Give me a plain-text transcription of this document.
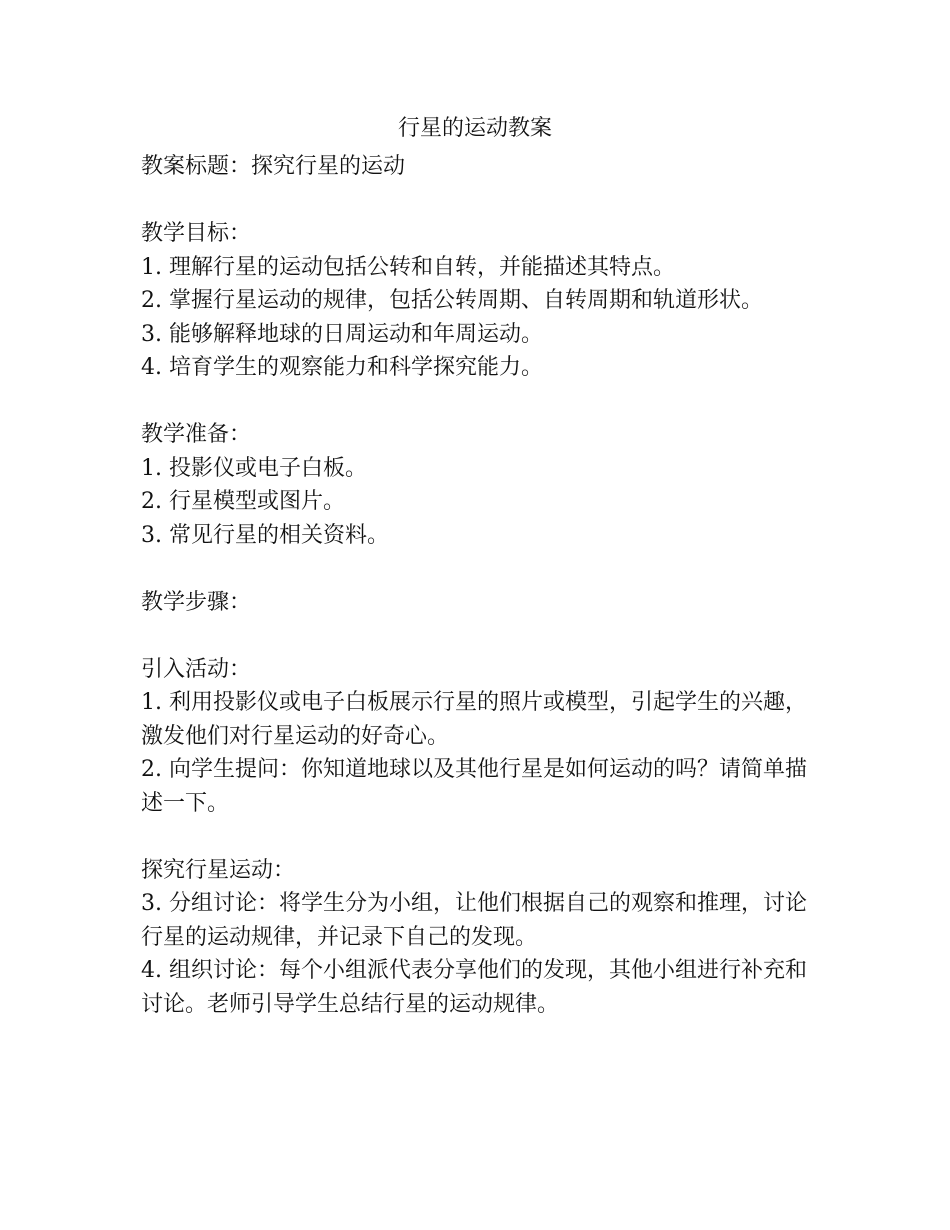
行星的运动教案

教案标题：探究行星的运动

教学目标：

1. 理解行星的运动包括公转和自转，并能描述其特点。

2. 掌握行星运动的规律，包括公转周期、自转周期和轨道形状。

3. 能够解释地球的日周运动和年周运动。

4. 培育学生的观察能力和科学探究能力。

教学准备：

1. 投影仪或电子白板。

2. 行星模型或图片。

3. 常见行星的相关资料。

教学步骤：

引入活动：

1. 利用投影仪或电子白板展示行星的照片或模型，引起学生的兴趣，激发他们对行星运动的好奇心。

2. 向学生提问：你知道地球以及其他行星是如何运动的吗？请简单描述一下。

探究行星运动：

3. 分组讨论：将学生分为小组，让他们根据自己的观察和推理，讨论行星的运动规律，并记录下自己的发现。

4. 组织讨论：每个小组派代表分享他们的发现，其他小组进行补充和讨论。老师引导学生总结行星的运动规律。
